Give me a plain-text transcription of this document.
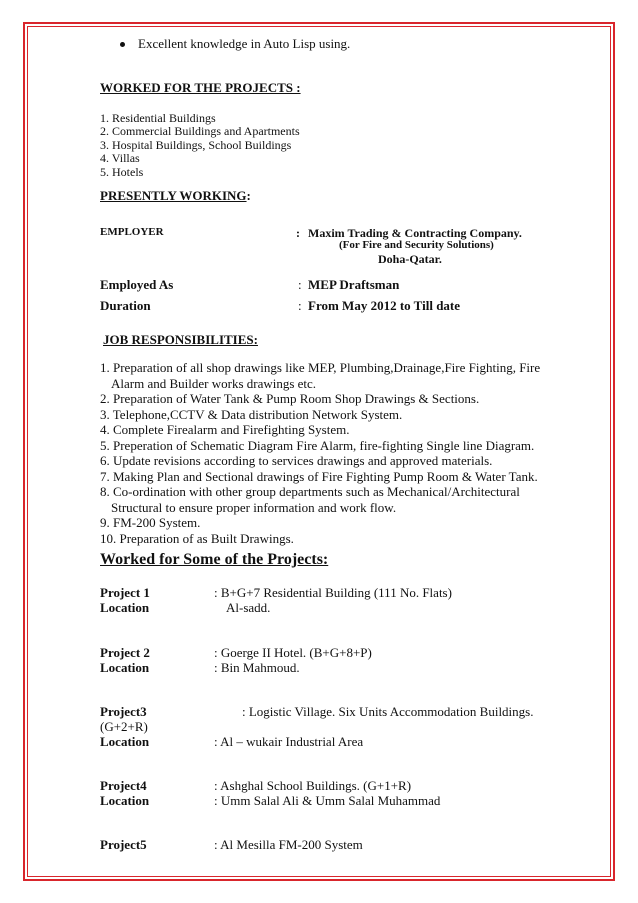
Excellent knowledge in Auto Lisp using.
WORKED FOR THE PROJECTS :
1. Residential Buildings
2. Commercial Buildings and Apartments
3. Hospital Buildings, School Buildings
4. Villas
5. Hotels
PRESENTLY WORKING:
EMPLOYER	: Maxim Trading & Contracting Company.
(For Fire and Security Solutions)
Doha-Qatar.
Employed As	: MEP Draftsman
Duration	: From May 2012 to Till date
JOB RESPONSIBILITIES:
1. Preparation of all shop drawings like MEP, Plumbing,Drainage,Fire Fighting, Fire
Alarm and Builder works drawings etc.
2. Preparation of Water Tank & Pump Room Shop Drawings & Sections.
3. Telephone,CCTV & Data distribution Network System.
4. Complete Firealarm and Firefighting System.
5. Preperation of Schematic Diagram Fire Alarm, fire-fighting Single line Diagram.
6. Update revisions according to services drawings and approved materials.
7. Making Plan and Sectional drawings of Fire Fighting Pump Room & Water Tank.
8. Co-ordination with other group departments such as Mechanical/Architectural
Structural to ensure proper information and work flow.
9. FM-200 System.
10. Preparation of as Built Drawings.
Worked for Some of the Projects:
Project 1	: B+G+7 Residential Building (111 No. Flats)
Location	Al-sadd.
Project 2	: Goerge II Hotel. (B+G+8+P)
Location	: Bin Mahmoud.
Project3	: Logistic Village. Six Units Accommodation Buildings.
(G+2+R)
Location	: Al – wukair Industrial Area
Project4	: Ashghal School Buildings. (G+1+R)
Location	: Umm Salal Ali & Umm Salal Muhammad
Project5	: Al Mesilla FM-200 System
